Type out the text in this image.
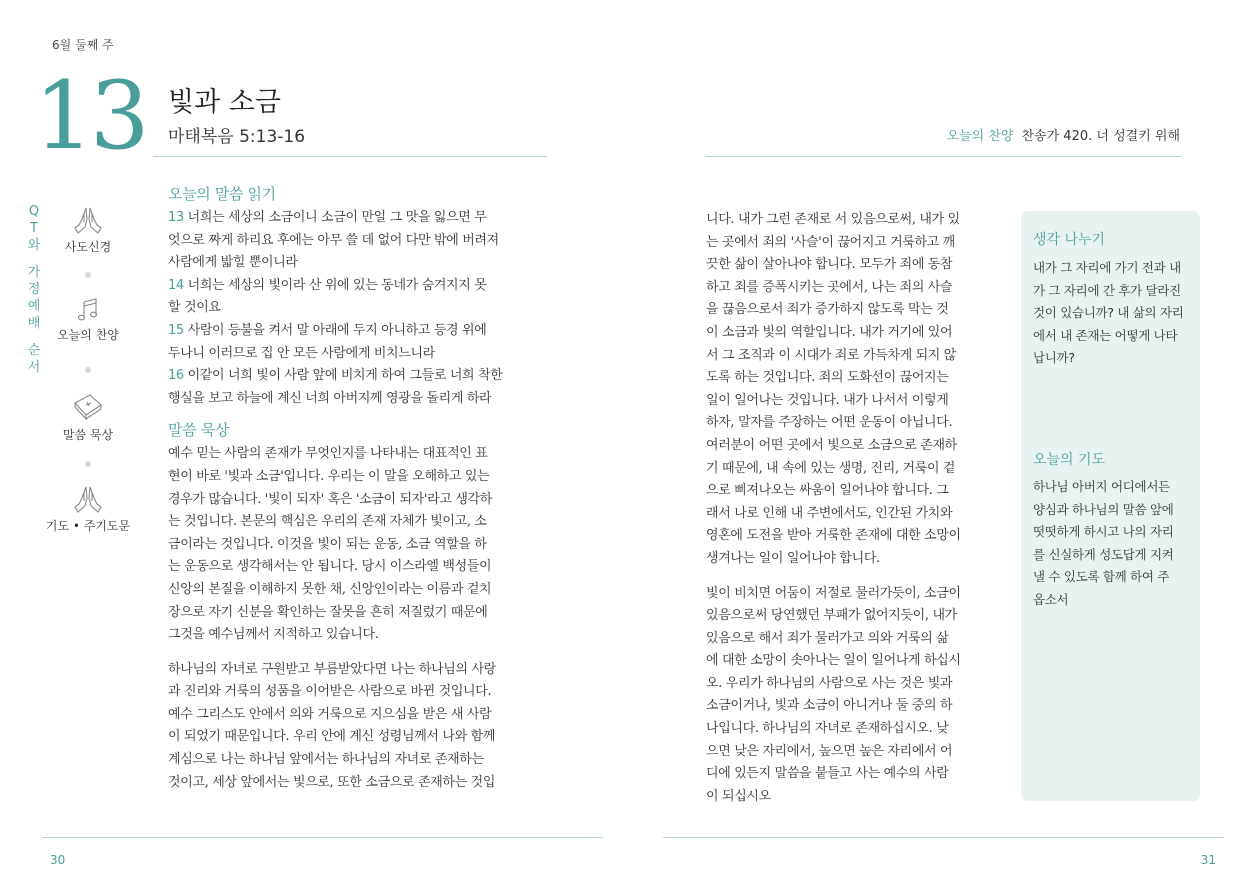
6월 둘째 주
13 빛과 소금
마태복음 5:13-16	오늘의 찬양 찬송가 420. 너 성결키 위해
Q
T
와
가
정
예
배
순
서
사도신경
오늘의 찬양
말씀 묵상
기도 • 주기도문
오늘의 말씀 읽기

13 너희는 세상의 소금이니 소금이 만일 그 맛을 잃으면 무

엇으로 짜게 하리요 후에는 아무 쓸 데 없어 다만 밖에 버려져

사람에게 밟힐 뿐이니라

14 너희는 세상의 빛이라 산 위에 있는 동네가 숨겨지지 못

할 것이요

15 사람이 등불을 켜서 말 아래에 두지 아니하고 등경 위에

두나니 이러므로 집 안 모든 사람에게 비치느니라

16 이같이 너희 빛이 사람 앞에 비치게 하여 그들로 너희 착한

행실을 보고 하늘에 계신 너희 아버지께 영광을 돌리게 하라

말씀 묵상

예수 믿는 사람의 존재가 무엇인지를 나타내는 대표적인 표

현이 바로 '빛과 소금'입니다. 우리는 이 말을 오해하고 있는

경우가 많습니다. '빛이 되자' 혹은 '소금이 되자'라고 생각하

는 것입니다. 본문의 핵심은 우리의 존재 자체가 빛이고, 소

금이라는 것입니다. 이것을 빛이 되는 운동, 소금 역할을 하

는 운동으로 생각해서는 안 됩니다. 당시 이스라엘 백성들이

신앙의 본질을 이해하지 못한 채, 신앙인이라는 이름과 겉치

장으로 자기 신분을 확인하는 잘못을 흔히 저질렀기 때문에

그것을 예수님께서 지적하고 있습니다.

하나님의 자녀로 구원받고 부름받았다면 나는 하나님의 사랑

과 진리와 거룩의 성품을 이어받은 사람으로 바뀐 것입니다.

예수 그리스도 안에서 의와 거룩으로 지으심을 받은 새 사람

이 되었기 때문입니다. 우리 안에 계신 성령님께서 나와 함께

계심으로 나는 하나님 앞에서는 하나님의 자녀로 존재하는

것이고, 세상 앞에서는 빛으로, 또한 소금으로 존재하는 것입

니다. 내가 그런 존재로 서 있음으로써, 내가 있

는 곳에서 죄의 '사슬'이 끊어지고 거룩하고 깨

끗한 삶이 살아나야 합니다. 모두가 죄에 동참

하고 죄를 증폭시키는 곳에서, 나는 죄의 사슬

을 끊음으로서 죄가 증가하지 않도록 막는 것

이 소금과 빛의 역할입니다. 내가 거기에 있어

서 그 조직과 이 시대가 죄로 가득차게 되지 않

도록 하는 것입니다. 죄의 도화선이 끊어지는

일이 일어나는 것입니다. 내가 나서서 이렇게

하자, 말자를 주장하는 어떤 운동이 아닙니다.

여러분이 어떤 곳에서 빛으로 소금으로 존재하

기 때문에, 내 속에 있는 생명, 진리, 거룩이 겉

으로 삐져나오는 싸움이 일어나야 합니다. 그

래서 나로 인해 내 주변에서도, 인간된 가치와

영혼에 도전을 받아 거룩한 존재에 대한 소망이

생겨나는 일이 일어나야 합니다.

빛이 비치면 어둠이 저절로 물러가듯이, 소금이

있음으로써 당연했던 부패가 없어지듯이, 내가

있음으로 해서 죄가 물러가고 의와 거룩의 삶

에 대한 소망이 솟아나는 일이 일어나게 하십시

오. 우리가 하나님의 사람으로 사는 것은 빛과

소금이거나, 빛과 소금이 아니거나 둘 중의 하

나입니다. 하나님의 자녀로 존재하십시오. 낮

으면 낮은 자리에서, 높으면 높은 자리에서 어

디에 있든지 말씀을 붙들고 사는 예수의 사람

이 되십시오

생각 나누기
내가 그 자리에 가기 전과 내
가 그 자리에 간 후가 달라진
것이 있습니까? 내 삶의 자리
에서 내 존재는 어떻게 나타
납니까?
오늘의 기도
하나님 아버지 어디에서든
양심과 하나님의 말씀 앞에
떳떳하게 하시고 나의 자리
를 신실하게 성도답게 지켜
낼 수 있도록 함께 하여 주
옵소서
30	31
